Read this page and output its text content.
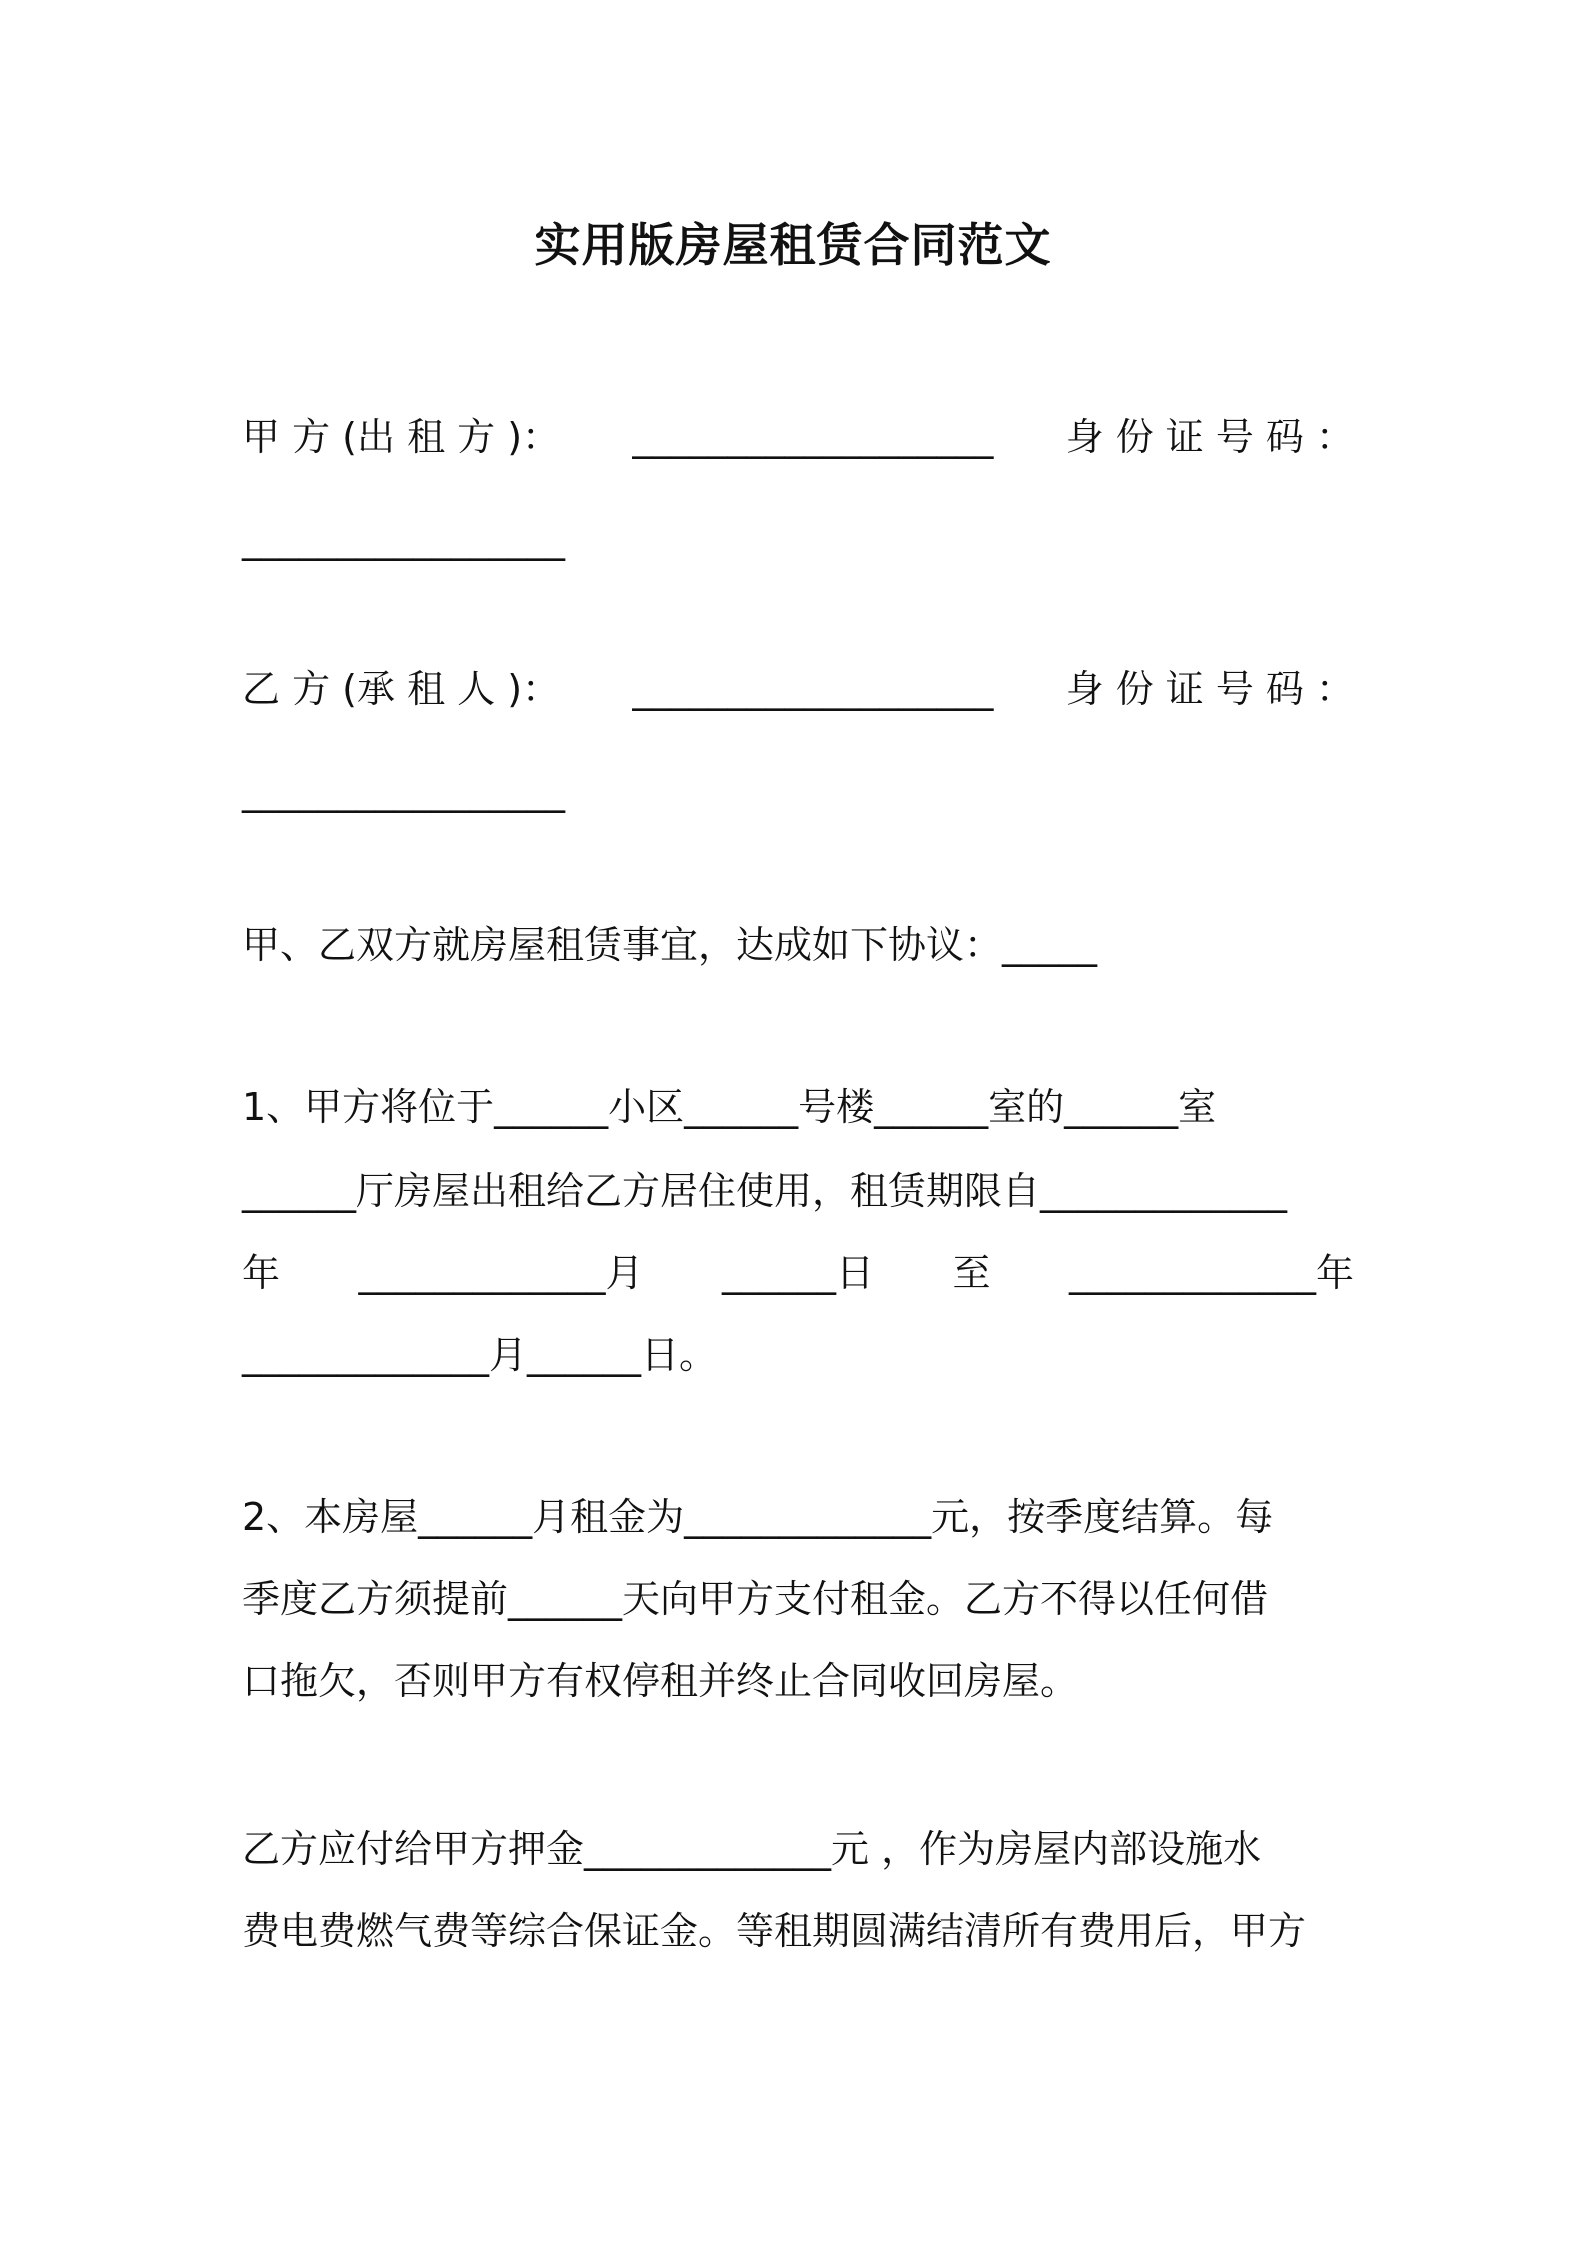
实用版房屋租赁合同范文
甲 方 (出 租 方 )： ___________________ 身 份 证 号 码 ：
_________________
乙 方 (承 租 人 )： ___________________ 身 份 证 号 码 ：
_________________
甲、乙双方就房屋租赁事宜，达成如下协议：_____
1、甲方将位于______小区______号楼______室的______室
______厅房屋出租给乙方居住使用，租赁期限自_____________
年 _____________月 ______日 至 _____________年
_____________月______日。
2、本房屋______月租金为_____________元，按季度结算。每
季度乙方须提前______天向甲方支付租金。乙方不得以任何借
口拖欠，否则甲方有权停租并终止合同收回房屋。
乙方应付给甲方押金_____________元 ，作为房屋内部设施水
费电费燃气费等综合保证金。等租期圆满结清所有费用后，甲方
